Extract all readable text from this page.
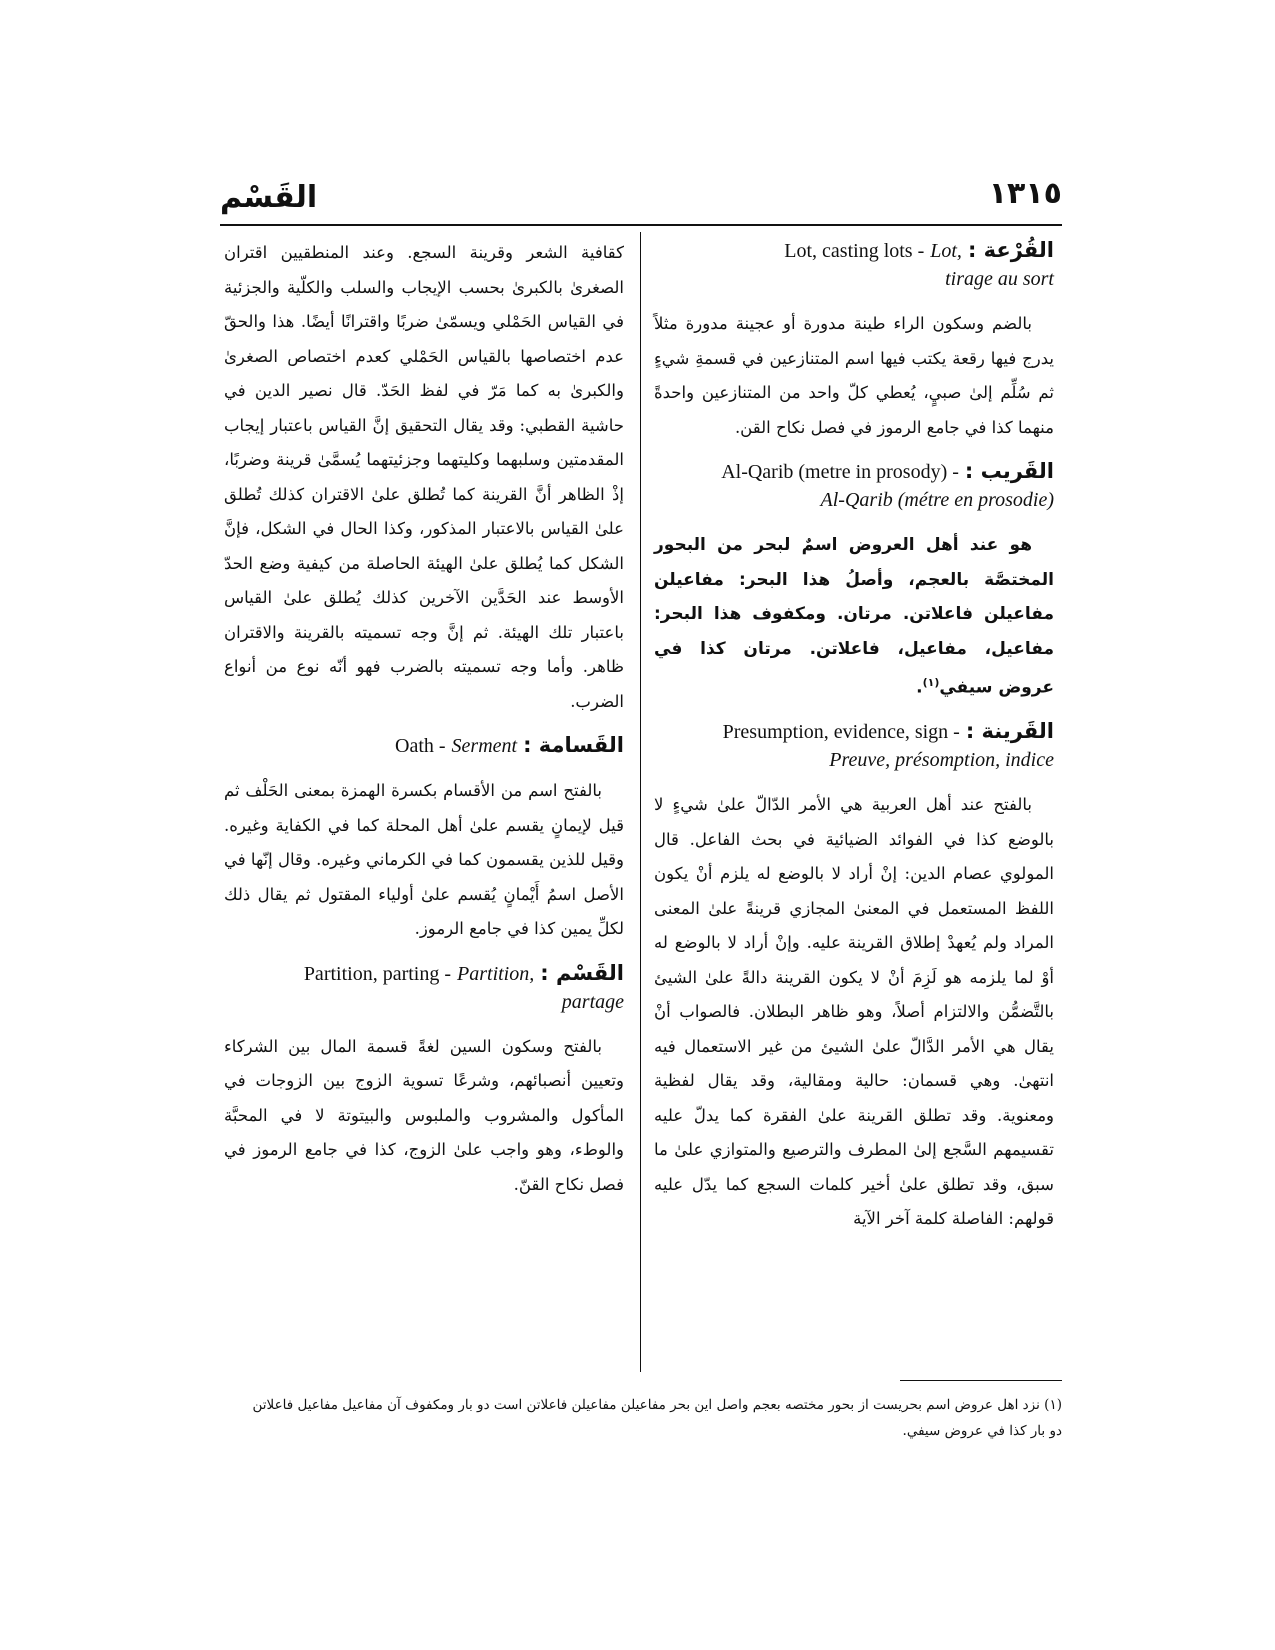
١٣١٥
القَسْم
Lot, casting lots - Lot, القُرْعة :
tirage au sort

بالضم وسكون الراء طينة مدورة أو عجينة مدورة مثلاً يدرج فيها رقعة يكتب فيها اسم المتنازعين في قسمةِ شيءٍ ثم سُلِّم إلىٰ صبيٍ، يُعطي كلّ واحد من المتنازعين واحدةً منهما كذا في جامع الرموز في فصل نكاح القن.

Al-Qarib (metre in prosody) - القَريب :
Al-Qarib (métre en prosodie)

هو عند أهل العروض اسمٌ لبحر من البحور المختصَّة بالعجم، وأصلُ هذا البحر: مفاعيلن مفاعيلن فاعلاتن. مرتان. ومكفوف هذا البحر: مفاعيل، مفاعيل، فاعلاتن. مرتان كذا في عروض سيفي$^{(١)}$.

Presumption, evidence, sign - القَرينة :
Preuve, présomption, indice

بالفتح عند أهل العربية هي الأمر الدّالّ علىٰ شيءٍ لا بالوضع كذا في الفوائد الضيائية في بحث الفاعل. قال المولوي عصام الدين: إنْ أراد لا بالوضع له يلزم أنْ يكون اللفظ المستعمل في المعنىٰ المجازي قرينةً علىٰ المعنى المراد ولم يُعهدْ إطلاق القرينة عليه. وإنْ أراد لا بالوضع له أوْ لما يلزمه هو لَزِمَ أنْ لا يكون القرينة دالةً علىٰ الشيئ بالتَّضمُّن والالتزام أصلاً، وهو ظاهر البطلان. فالصواب أنْ يقال هي الأمر الدَّالّ علىٰ الشيئ من غير الاستعمال فيه انتهىٰ. وهي قسمان: حالية ومقالية، وقد يقال لفظية ومعنوية. وقد تطلق القرينة علىٰ الفقرة كما يدلّ عليه تقسيمهم السَّجع إلىٰ المطرف والترصيع والمتوازي علىٰ ما سبق، وقد تطلق علىٰ أخير كلمات السجع كما يدّل عليه قولهم: الفاصلة كلمة آخر الآية

كقافية الشعر وقرينة السجع. وعند المنطقيين اقتران الصغرىٰ بالكبرىٰ بحسب الإيجاب والسلب والكلّية والجزئية في القياس الحَمْلي ويسمّىٰ ضربًا واقترانًا أيضًا. هذا والحقّ عدم اختصاصها بالقياس الحَمْلي كعدم اختصاص الصغرىٰ والكبرىٰ به كما مَرّ في لفظ الحَدّ. قال نصير الدين في حاشية القطبي: وقد يقال التحقيق إنَّ القياس باعتبار إيجاب المقدمتين وسلبهما وكليتهما وجزئيتهما يُسمَّىٰ قرينة وضربًا، إذْ الظاهر أنَّ القرينة كما تُطلق علىٰ الاقتران كذلك تُطلق علىٰ القياس بالاعتبار المذكور، وكذا الحال في الشكل، فإنَّ الشكل كما يُطلق علىٰ الهيئة الحاصلة من كيفية وضع الحدّ الأوسط عند الحَدَّين الآخرين كذلك يُطلق علىٰ القياس باعتبار تلك الهيئة. ثم إنَّ وجه تسميته بالقرينة والاقتران ظاهر. وأما وجه تسميته بالضرب فهو أنّه نوع من أنواع الضرب.

Oath - Serment القَسامة :

بالفتح اسم من الأقسام بكسرة الهمزة بمعنى الحَلْف ثم قيل لإيمانٍ يقسم علىٰ أهل المحلة كما في الكفاية وغيره. وقيل للذين يقسمون كما في الكرماني وغيره. وقال إنّها في الأصل اسمُ أَيْمانٍ يُقسم علىٰ أولياء المقتول ثم يقال ذلك لكلِّ يمين كذا في جامع الرموز.

Partition, parting - Partition, القَسْم :
partage

بالفتح وسكون السين لغةً قسمة المال بين الشركاء وتعيين أنصبائهم، وشرعًا تسوية الزوج بين الزوجات في المأكول والمشروب والملبوس والبيتوتة لا في المحبَّة والوطء، وهو واجب علىٰ الزوج، كذا في جامع الرموز في فصل نكاح القنّ.

(١) نزد اهل عروض اسم بحريست از بحور مختصه بعجم واصل اين بحر مفاعيلن مفاعيلن فاعلاتن است دو بار ومكفوف آن مفاعيل مفاعيل فاعلاتن دو بار كذا في عروض سيفي.
